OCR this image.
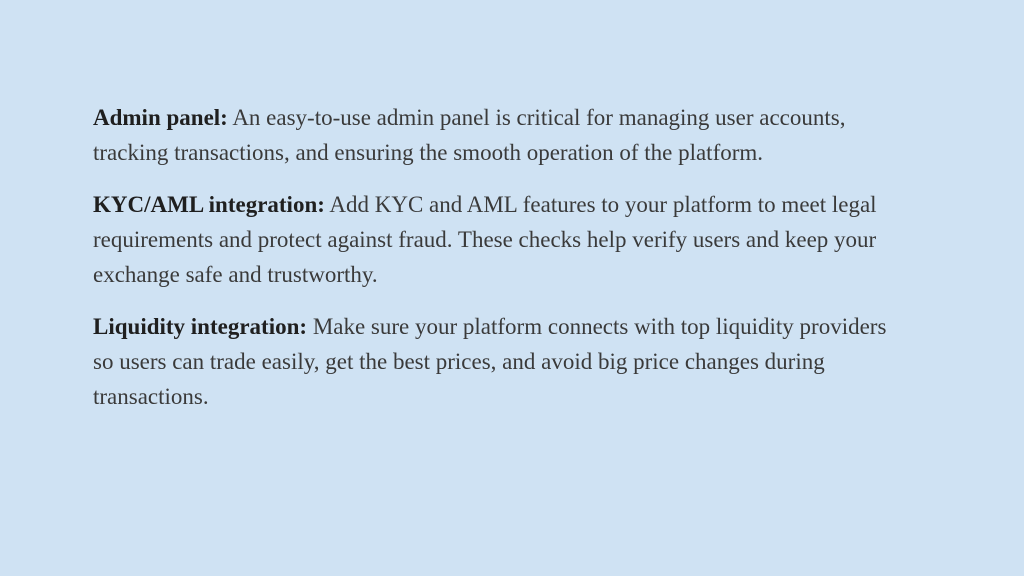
Admin panel: An easy-to-use admin panel is critical for managing user accounts, tracking transactions, and ensuring the smooth operation of the platform.

KYC/AML integration: Add KYC and AML features to your platform to meet legal requirements and protect against fraud. These checks help verify users and keep your exchange safe and trustworthy.

Liquidity integration: Make sure your platform connects with top liquidity providers so users can trade easily, get the best prices, and avoid big price changes during transactions.
